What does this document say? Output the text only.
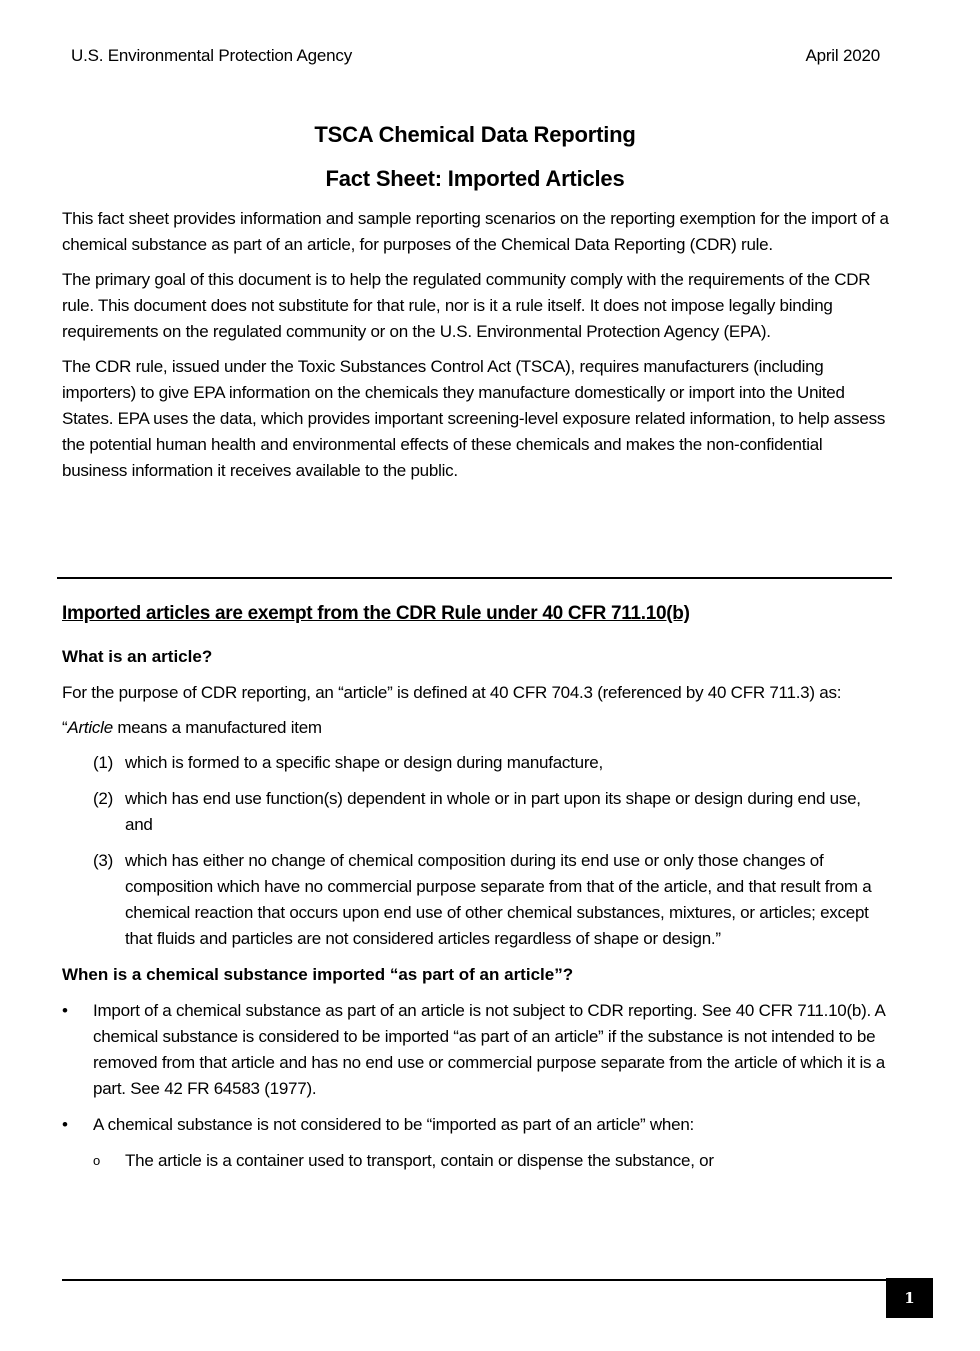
U.S. Environmental Protection Agency	April 2020
TSCA Chemical Data Reporting
Fact Sheet: Imported Articles

This fact sheet provides information and sample reporting scenarios on the reporting exemption for the import of a chemical substance as part of an article, for purposes of the Chemical Data Reporting (CDR) rule.

The primary goal of this document is to help the regulated community comply with the requirements of the CDR rule. This document does not substitute for that rule, nor is it a rule itself. It does not impose legally binding requirements on the regulated community or on the U.S. Environmental Protection Agency (EPA).

The CDR rule, issued under the Toxic Substances Control Act (TSCA), requires manufacturers (including importers) to give EPA information on the chemicals they manufacture domestically or import into the United States. EPA uses the data, which provides important screening-level exposure related information, to help assess the potential human health and environmental effects of these chemicals and makes the non-confidential business information it receives available to the public.

Imported articles are exempt from the CDR Rule under 40 CFR 711.10(b)
What is an article?

For the purpose of CDR reporting, an “article” is defined at 40 CFR 704.3 (referenced by 40 CFR 711.3) as:

“Article means a manufactured item

(1) which is formed to a specific shape or design during manufacture,
(2) which has end use function(s) dependent in whole or in part upon its shape or design during end use, and
(3) which has either no change of chemical composition during its end use or only those changes of composition which have no commercial purpose separate from that of the article, and that result from a chemical reaction that occurs upon end use of other chemical substances, mixtures, or articles; except that fluids and particles are not considered articles regardless of shape or design.”
When is a chemical substance imported “as part of an article”?
•	Import of a chemical substance as part of an article is not subject to CDR reporting. See 40 CFR 711.10(b). A chemical substance is considered to be imported “as part of an article” if the substance is not intended to be removed from that article and has no end use or commercial purpose separate from the article of which it is a part. See 42 FR 64583 (1977).
•	A chemical substance is not considered to be “imported as part of an article” when:
o The article is a container used to transport, contain or dispense the substance, or
1
